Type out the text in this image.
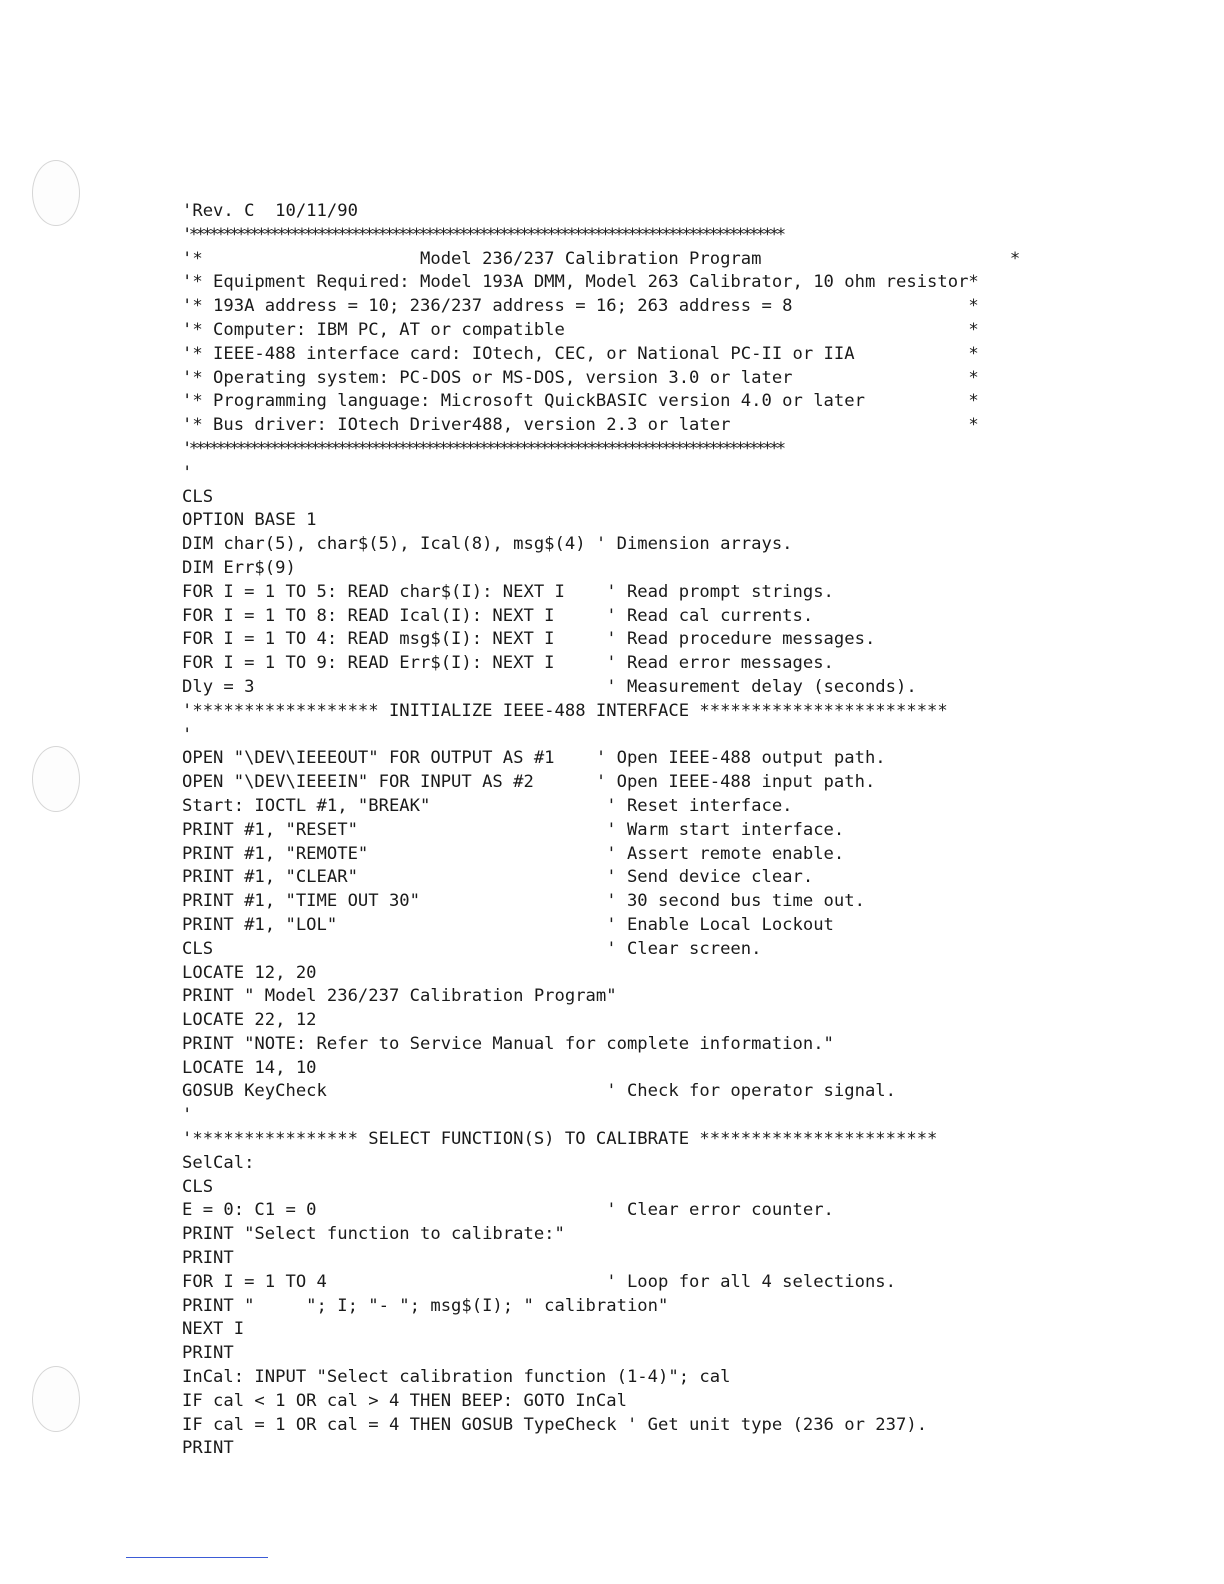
'Rev. C  10/11/90
'****************************************************************************************
'*                     Model 236/237 Calibration Program                        *
'* Equipment Required: Model 193A DMM, Model 263 Calibrator, 10 ohm resistor*
'* 193A address = 10; 236/237 address = 16; 263 address = 8                 *
'* Computer: IBM PC, AT or compatible                                       *
'* IEEE-488 interface card: IOtech, CEC, or National PC-II or IIA           *
'* Operating system: PC-DOS or MS-DOS, version 3.0 or later                 *
'* Programming language: Microsoft QuickBASIC version 4.0 or later          *
'* Bus driver: IOtech Driver488, version 2.3 or later                       *
'****************************************************************************************
'
CLS
OPTION BASE 1
DIM char(5), char$(5), Ical(8), msg$(4) ' Dimension arrays.
DIM Err$(9)
FOR I = 1 TO 5: READ char$(I): NEXT I    ' Read prompt strings.
FOR I = 1 TO 8: READ Ical(I): NEXT I     ' Read cal currents.
FOR I = 1 TO 4: READ msg$(I): NEXT I     ' Read procedure messages.
FOR I = 1 TO 9: READ Err$(I): NEXT I     ' Read error messages.
Dly = 3                                  ' Measurement delay (seconds).
'****************** INITIALIZE IEEE-488 INTERFACE ************************
'
OPEN "\DEV\IEEEOUT" FOR OUTPUT AS #1    ' Open IEEE-488 output path.
OPEN "\DEV\IEEEIN" FOR INPUT AS #2      ' Open IEEE-488 input path.
Start: IOCTL #1, "BREAK"                 ' Reset interface.
PRINT #1, "RESET"                        ' Warm start interface.
PRINT #1, "REMOTE"                       ' Assert remote enable.
PRINT #1, "CLEAR"                        ' Send device clear.
PRINT #1, "TIME OUT 30"                  ' 30 second bus time out.
PRINT #1, "LOL"                          ' Enable Local Lockout
CLS                                      ' Clear screen.
LOCATE 12, 20
PRINT " Model 236/237 Calibration Program"
LOCATE 22, 12
PRINT "NOTE: Refer to Service Manual for complete information."
LOCATE 14, 10
GOSUB KeyCheck                           ' Check for operator signal.
'
'**************** SELECT FUNCTION(S) TO CALIBRATE ***********************
SelCal:
CLS
E = 0: C1 = 0                            ' Clear error counter.
PRINT "Select function to calibrate:"
PRINT
FOR I = 1 TO 4                           ' Loop for all 4 selections.
PRINT "     "; I; "- "; msg$(I); " calibration"
NEXT I
PRINT
InCal: INPUT "Select calibration function (1-4)"; cal
IF cal < 1 OR cal > 4 THEN BEEP: GOTO InCal
IF cal = 1 OR cal = 4 THEN GOSUB TypeCheck ' Get unit type (236 or 237).
PRINT
